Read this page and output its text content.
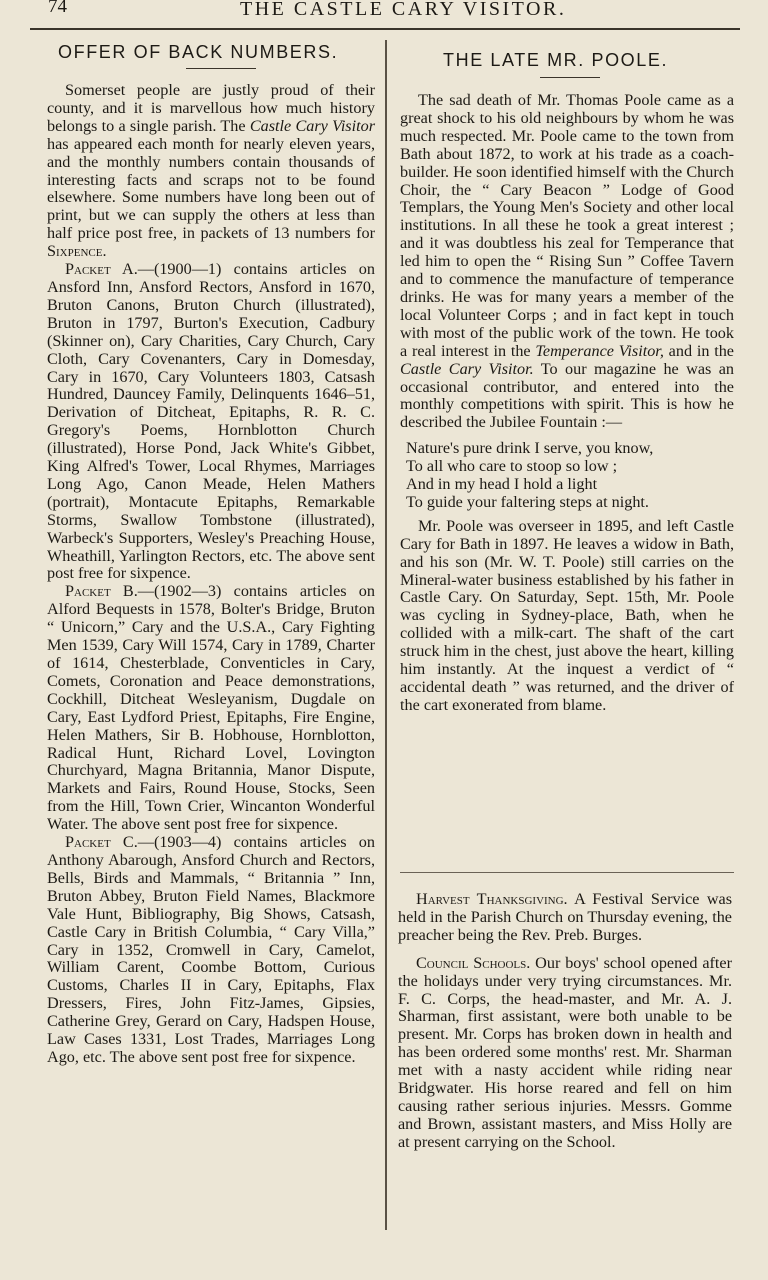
74	THE CASTLE CARY VISITOR.
OFFER OF BACK NUMBERS.

Somerset people are justly proud of their county, and it is marvellous how much history belongs to a single parish. The Castle Cary Visitor has appeared each month for nearly eleven years, and the monthly numbers contain thousands of interesting facts and scraps not to be found elsewhere. Some numbers have long been out of print, but we can supply the others at less than half price post free, in packets of 13 numbers for Sixpence.

Packet A.—(1900—1) contains articles on Ansford Inn, Ansford Rectors, Ansford in 1670, Bruton Canons, Bruton Church (illustrated), Bruton in 1797, Burton's Execution, Cadbury (Skinner on), Cary Charities, Cary Church, Cary Cloth, Cary Covenanters, Cary in Domesday, Cary in 1670, Cary Volunteers 1803, Catsash Hundred, Dauncey Family, Delinquents 1646–51, Derivation of Ditcheat, Epitaphs, R. R. C. Gregory's Poems, Hornblotton Church (illustrated), Horse Pond, Jack White's Gibbet, King Alfred's Tower, Local Rhymes, Marriages Long Ago, Canon Meade, Helen Mathers (portrait), Montacute Epitaphs, Remarkable Storms, Swallow Tombstone (illustrated), Warbeck's Supporters, Wesley's Preaching House, Wheathill, Yarlington Rectors, etc. The above sent post free for sixpence.

Packet B.—(1902—3) contains articles on Alford Bequests in 1578, Bolter's Bridge, Bruton “ Unicorn,” Cary and the U.S.A., Cary Fighting Men 1539, Cary Will 1574, Cary in 1789, Charter of 1614, Chesterblade, Conventicles in Cary, Comets, Coronation and Peace demonstrations, Cockhill, Ditcheat Wesleyanism, Dugdale on Cary, East Lydford Priest, Epitaphs, Fire Engine, Helen Mathers, Sir B. Hobhouse, Hornblotton, Radical Hunt, Richard Lovel, Lovington Churchyard, Magna Britannia, Manor Dispute, Markets and Fairs, Round House, Stocks, Seen from the Hill, Town Crier, Wincanton Wonderful Water. The above sent post free for sixpence.

Packet C.—(1903—4) contains articles on Anthony Abarough, Ansford Church and Rectors, Bells, Birds and Mammals, “ Britannia ” Inn, Bruton Abbey, Bruton Field Names, Blackmore Vale Hunt, Bibliography, Big Shows, Catsash, Castle Cary in British Columbia, “ Cary Villa,” Cary in 1352, Cromwell in Cary, Camelot, William Carent, Coombe Bottom, Curious Customs, Charles II in Cary, Epitaphs, Flax Dressers, Fires, John Fitz-James, Gipsies, Catherine Grey, Gerard on Cary, Hadspen House, Law Cases 1331, Lost Trades, Marriages Long Ago, etc. The above sent post free for sixpence.

THE LATE MR. POOLE.

The sad death of Mr. Thomas Poole came as a great shock to his old neighbours by whom he was much respected. Mr. Poole came to the town from Bath about 1872, to work at his trade as a coach-builder. He soon identified himself with the Church Choir, the “ Cary Beacon ” Lodge of Good Templars, the Young Men's Society and other local institutions. In all these he took a great interest ; and it was doubtless his zeal for Temperance that led him to open the “ Rising Sun ” Coffee Tavern and to commence the manufacture of temperance drinks. He was for many years a member of the local Volunteer Corps ; and in fact kept in touch with most of the public work of the town. He took a real interest in the Temperance Visitor, and in the Castle Cary Visitor. To our magazine he was an occasional contributor, and entered into the monthly competitions with spirit. This is how he described the Jubilee Fountain :—

Nature's pure drink I serve, you know,
To all who care to stoop so low ;
And in my head I hold a light
To guide your faltering steps at night.

Mr. Poole was overseer in 1895, and left Castle Cary for Bath in 1897. He leaves a widow in Bath, and his son (Mr. W. T. Poole) still carries on the Mineral-water business established by his father in Castle Cary. On Saturday, Sept. 15th, Mr. Poole was cycling in Sydney-place, Bath, when he collided with a milk-cart. The shaft of the cart struck him in the chest, just above the heart, killing him instantly. At the inquest a verdict of “ accidental death ” was returned, and the driver of the cart exonerated from blame.

Harvest Thanksgiving. A Festival Service was held in the Parish Church on Thursday evening, the preacher being the Rev. Preb. Burges.

Council Schools. Our boys' school opened after the holidays under very trying circumstances. Mr. F. C. Corps, the head-master, and Mr. A. J. Sharman, first assistant, were both unable to be present. Mr. Corps has broken down in health and has been ordered some months' rest. Mr. Sharman met with a nasty accident while riding near Bridgwater. His horse reared and fell on him causing rather serious injuries. Messrs. Gomme and Brown, assistant masters, and Miss Holly are at present carrying on the School.
